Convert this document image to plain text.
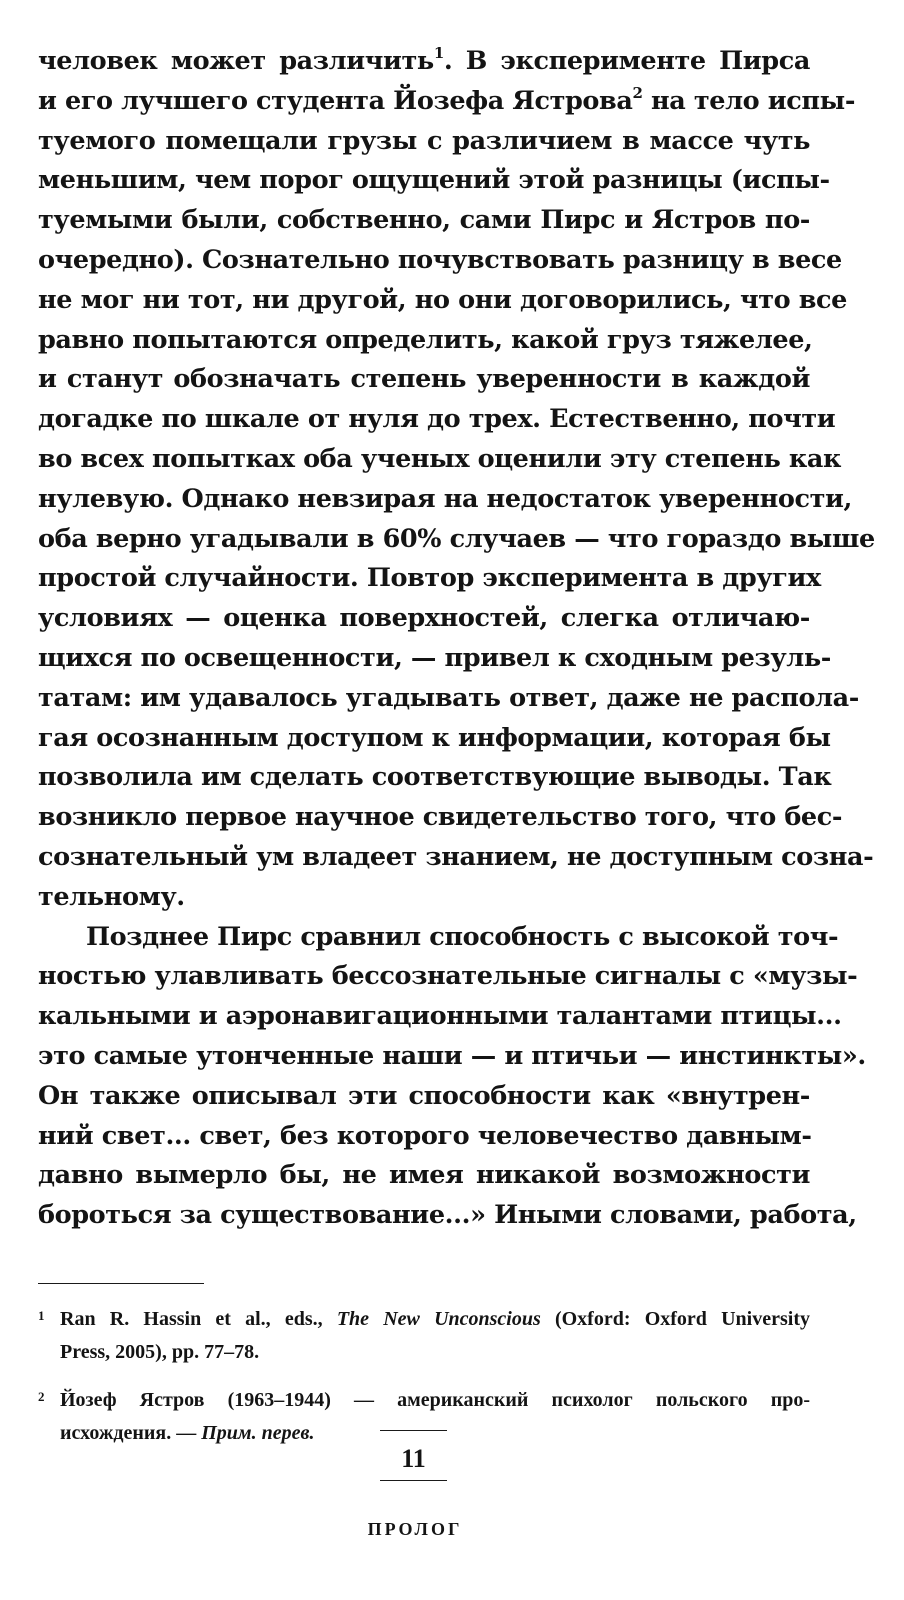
человек может различить$^1$. В эксперименте Пирса
и его лучшего студента Йозефа Ястрова$^2$ на тело испы-
туемого помещали грузы с различием в массе чуть
меньшим, чем порог ощущений этой разницы (испы-
туемыми были, собственно, сами Пирс и Ястров по-
очередно). Сознательно почувствовать разницу в весе
не мог ни тот, ни другой, но они договорились, что все
равно попытаются определить, какой груз тяжелее,
и станут обозначать степень уверенности в каждой
догадке по шкале от нуля до трех. Естественно, почти
во всех попытках оба ученых оценили эту степень как
нулевую. Однако невзирая на недостаток уверенности,
оба верно угадывали в 60% случаев — что гораздо выше
простой случайности. Повтор эксперимента в других
условиях — оценка поверхностей, слегка отличаю-
щихся по освещенности, — привел к сходным резуль-
татам: им удавалось угадывать ответ, даже не распола-
гая осознанным доступом к информации, которая бы
позволила им сделать соответствующие выводы. Так
возникло первое научное свидетельство того, что бес-
сознательный ум владеет знанием, не доступным созна-
тельному.
Позднее Пирс сравнил способность с высокой точ-
ностью улавливать бессознательные сигналы с «музы-
кальными и аэронавигационными талантами птицы...
это самые утонченные наши — и птичьи — инстинкты».
Он также описывал эти способности как «внутрен-
ний свет... свет, без которого человечество давным-
давно вымерло бы, не имея никакой возможности
бороться за существование...» Иными словами, работа,
1 Ran R. Hassin et al., eds., The New Unconscious (Oxford: Oxford University
Press, 2005), pp. 77–78.
2 Йозеф Ястров (1963–1944) — американский психолог польского про-
исхождения. — Прим. перев.
11
ПРОЛОГ
